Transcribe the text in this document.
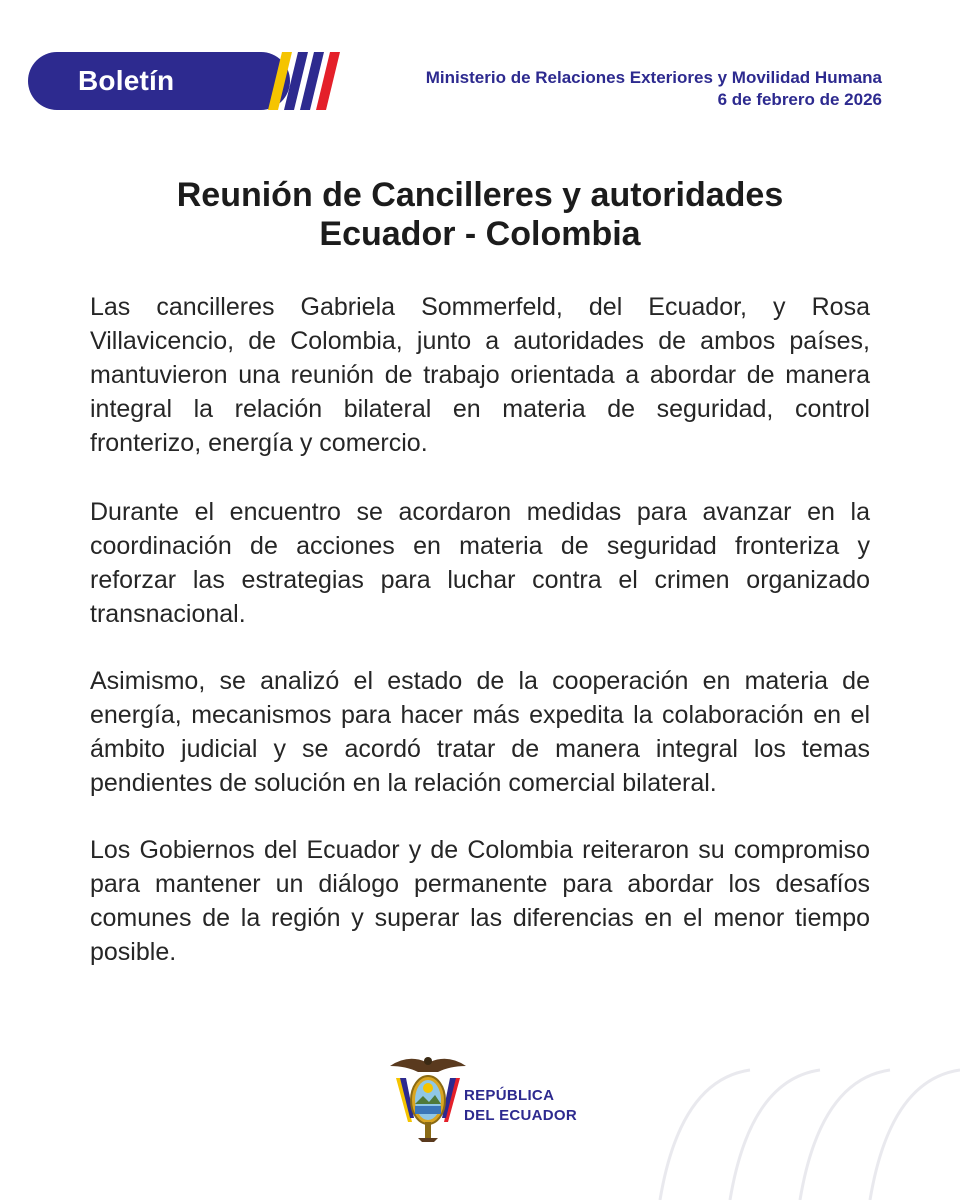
Boletín	Ministerio de Relaciones Exteriores y Movilidad Humana
6 de febrero de 2026
Reunión de Cancilleres y autoridades
Ecuador - Colombia

Las cancilleres Gabriela Sommerfeld, del Ecuador, y Rosa Villavicencio, de Colombia, junto a autoridades de ambos países, mantuvieron una reunión de trabajo orientada a abordar de manera integral la relación bilateral en materia de seguridad, control fronterizo, energía y comercio.

Durante el encuentro se acordaron medidas para avanzar en la coordinación de acciones en materia de seguridad fronteriza y reforzar las estrategias para luchar contra el crimen organizado transnacional.

Asimismo, se analizó el estado de la cooperación en materia de energía, mecanismos para hacer más expedita la colaboración en el ámbito judicial y se acordó tratar de manera integral los temas pendientes de solución en la relación comercial bilateral.

Los Gobiernos del Ecuador y de Colombia reiteraron su compromiso para mantener un diálogo permanente para abordar los desafíos comunes de la región y superar las diferencias en el menor tiempo posible.

REPÚBLICA
DEL ECUADOR
